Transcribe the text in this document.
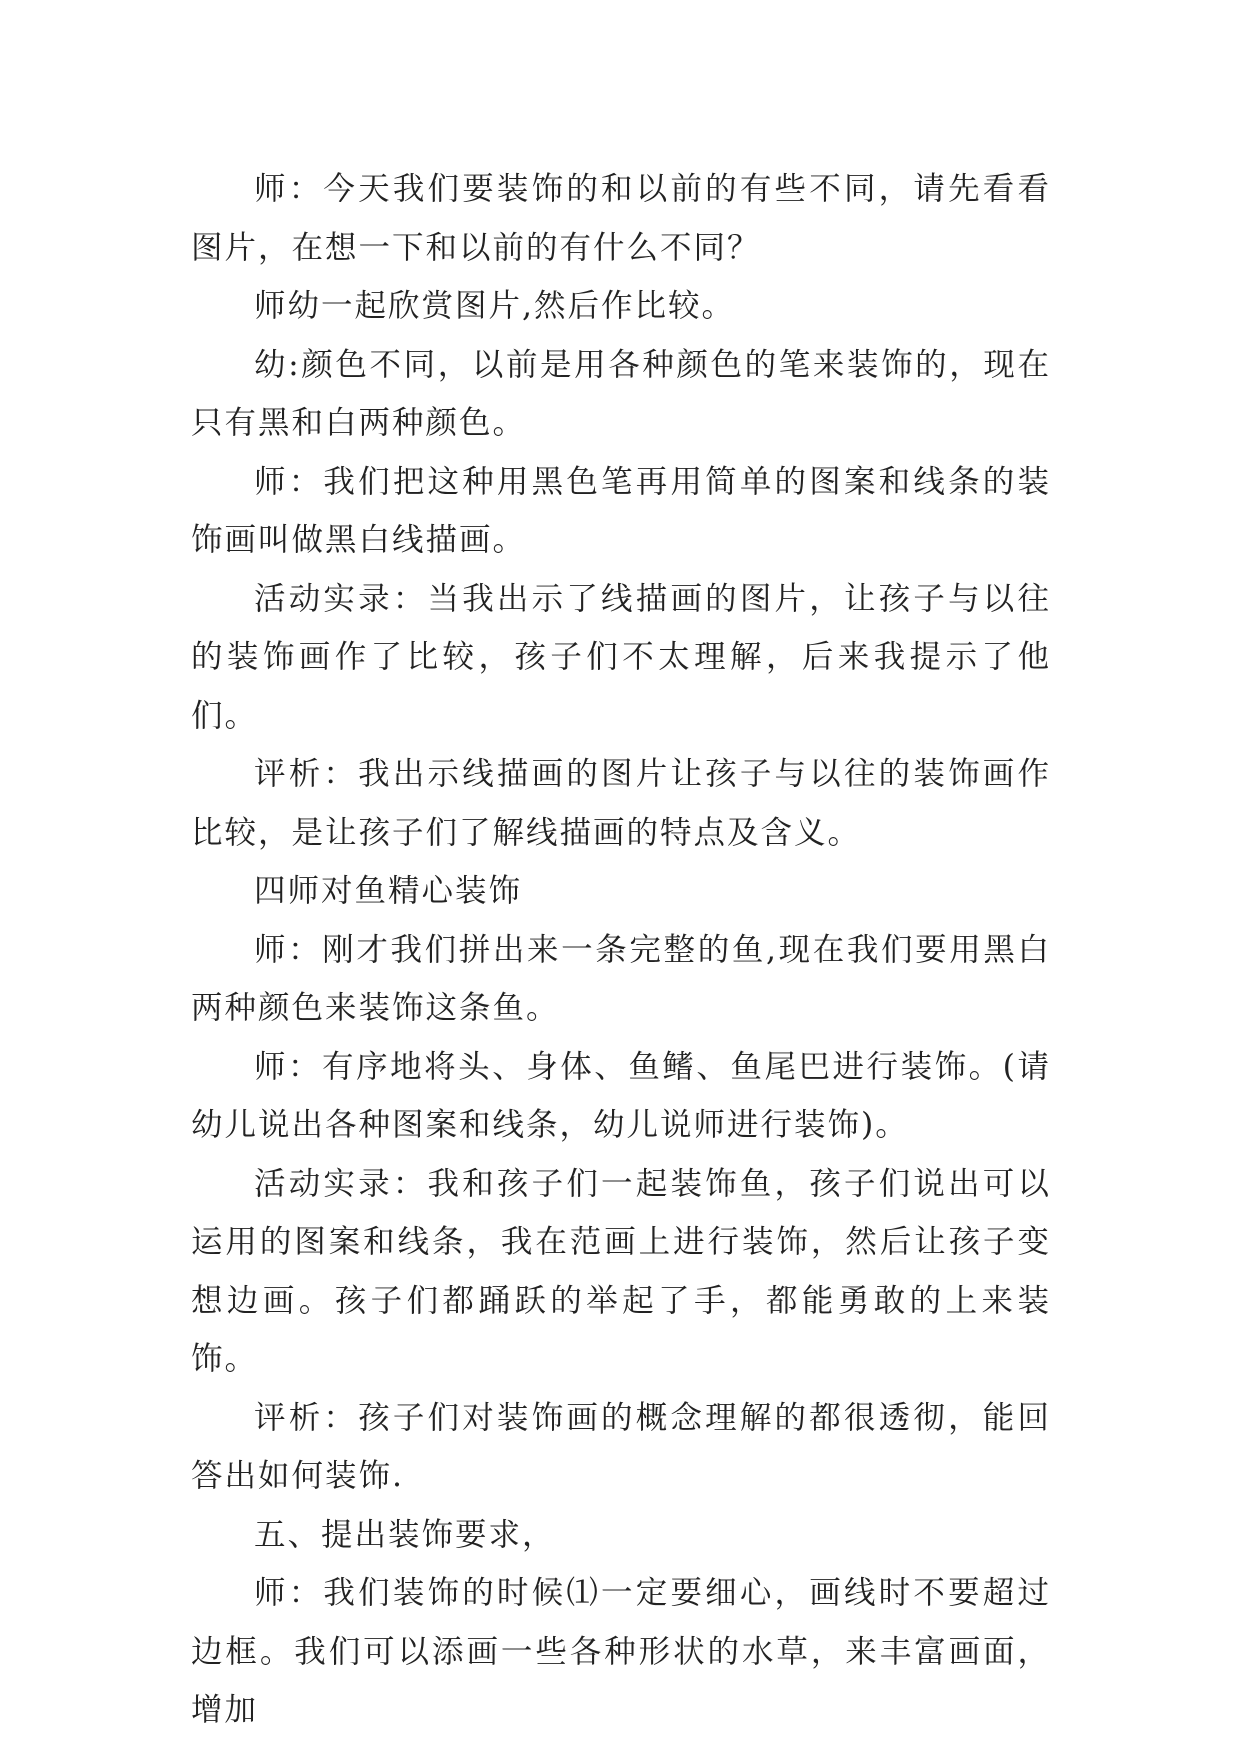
师：今天我们要装饰的和以前的有些不同，请先看看图片，在想一下和以前的有什么不同？

师幼一起欣赏图片,然后作比较。

幼:颜色不同，以前是用各种颜色的笔来装饰的，现在只有黑和白两种颜色。

师：我们把这种用黑色笔再用简单的图案和线条的装饰画叫做黑白线描画。

活动实录：当我出示了线描画的图片，让孩子与以往的装饰画作了比较，孩子们不太理解，后来我提示了他们。

评析：我出示线描画的图片让孩子与以往的装饰画作比较，是让孩子们了解线描画的特点及含义。

四师对鱼精心装饰

师：刚才我们拼出来一条完整的鱼,现在我们要用黑白两种颜色来装饰这条鱼。

师：有序地将头、身体、鱼鳍、鱼尾巴进行装饰。(请幼儿说出各种图案和线条，幼儿说师进行装饰)。

活动实录：我和孩子们一起装饰鱼，孩子们说出可以运用的图案和线条，我在范画上进行装饰，然后让孩子变想边画。孩子们都踊跃的举起了手，都能勇敢的上来装饰。

评析：孩子们对装饰画的概念理解的都很透彻，能回答出如何装饰.

五、提出装饰要求，

师：我们装饰的时候⑴一定要细心，画线时不要超过边框。我们可以添画一些各种形状的水草，来丰富画面，增加
